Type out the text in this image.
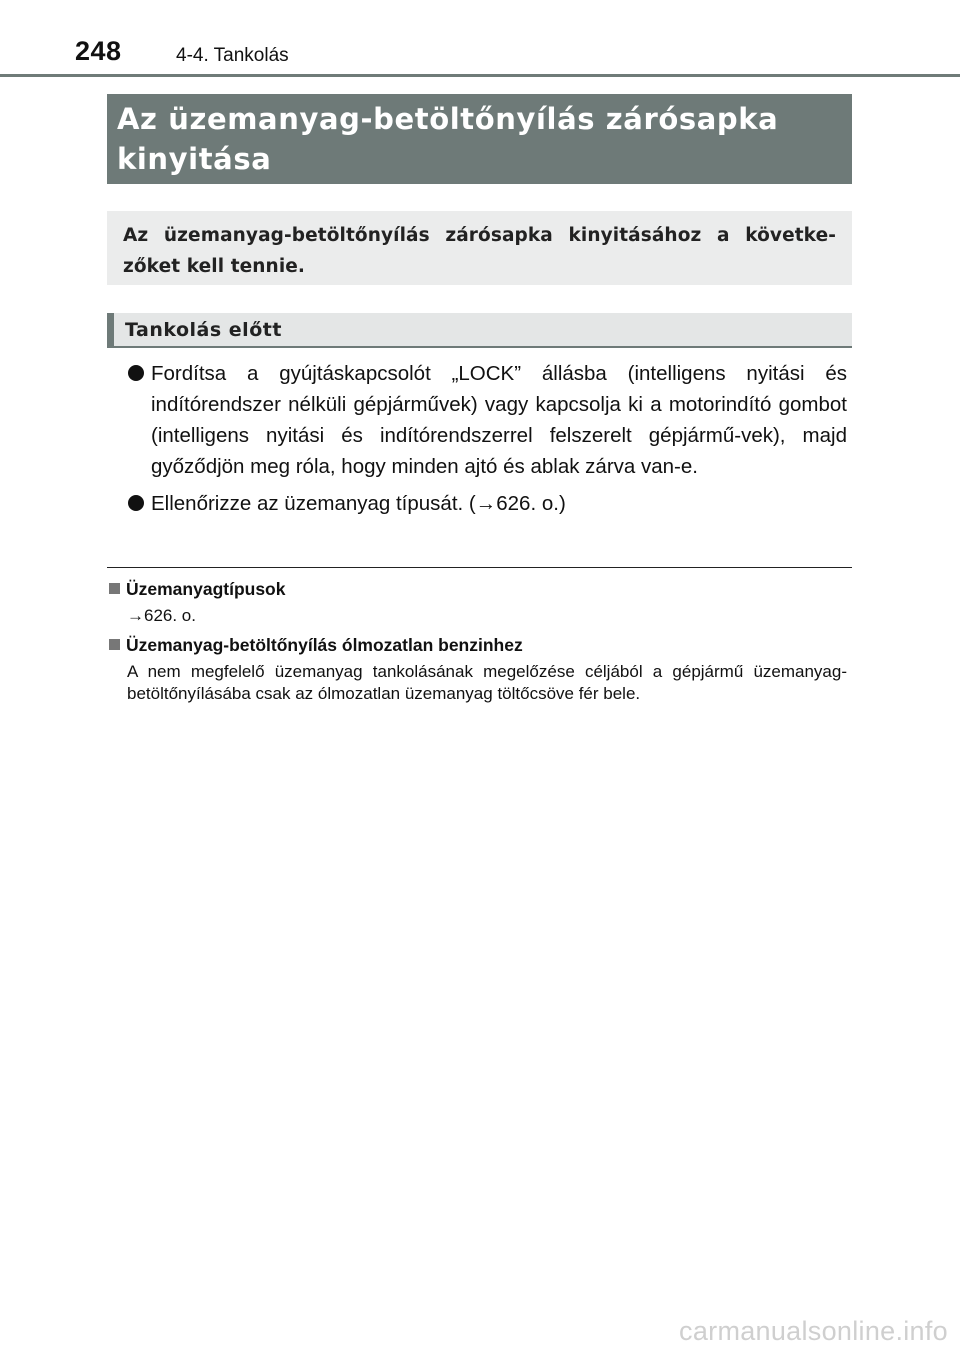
248	4-4. Tankolás
Az üzemanyag-betöltőnyílás zárósapka kinyitása
Az üzemanyag-betöltőnyílás zárósapka kinyitásához a követke-zőket kell tennie.
Tankolás előtt
Fordítsa a gyújtáskapcsolót „LOCK” állásba (intelligens nyitási és indítórendszer nélküli gépjárművek) vagy kapcsolja ki a motorindító gombot (intelligens nyitási és indítórendszerrel felszerelt gépjármű-vek), majd győződjön meg róla, hogy minden ajtó és ablak zárva van-e.
Ellenőrizze az üzemanyag típusát. (→626. o.)
Üzemanyagtípusok
→626. o.
Üzemanyag-betöltőnyílás ólmozatlan benzinhez
A nem megfelelő üzemanyag tankolásának megelőzése céljából a gépjármű üzemanyag-betöltőnyílásába csak az ólmozatlan üzemanyag töltőcsöve fér bele.
carmanualsonline.info
